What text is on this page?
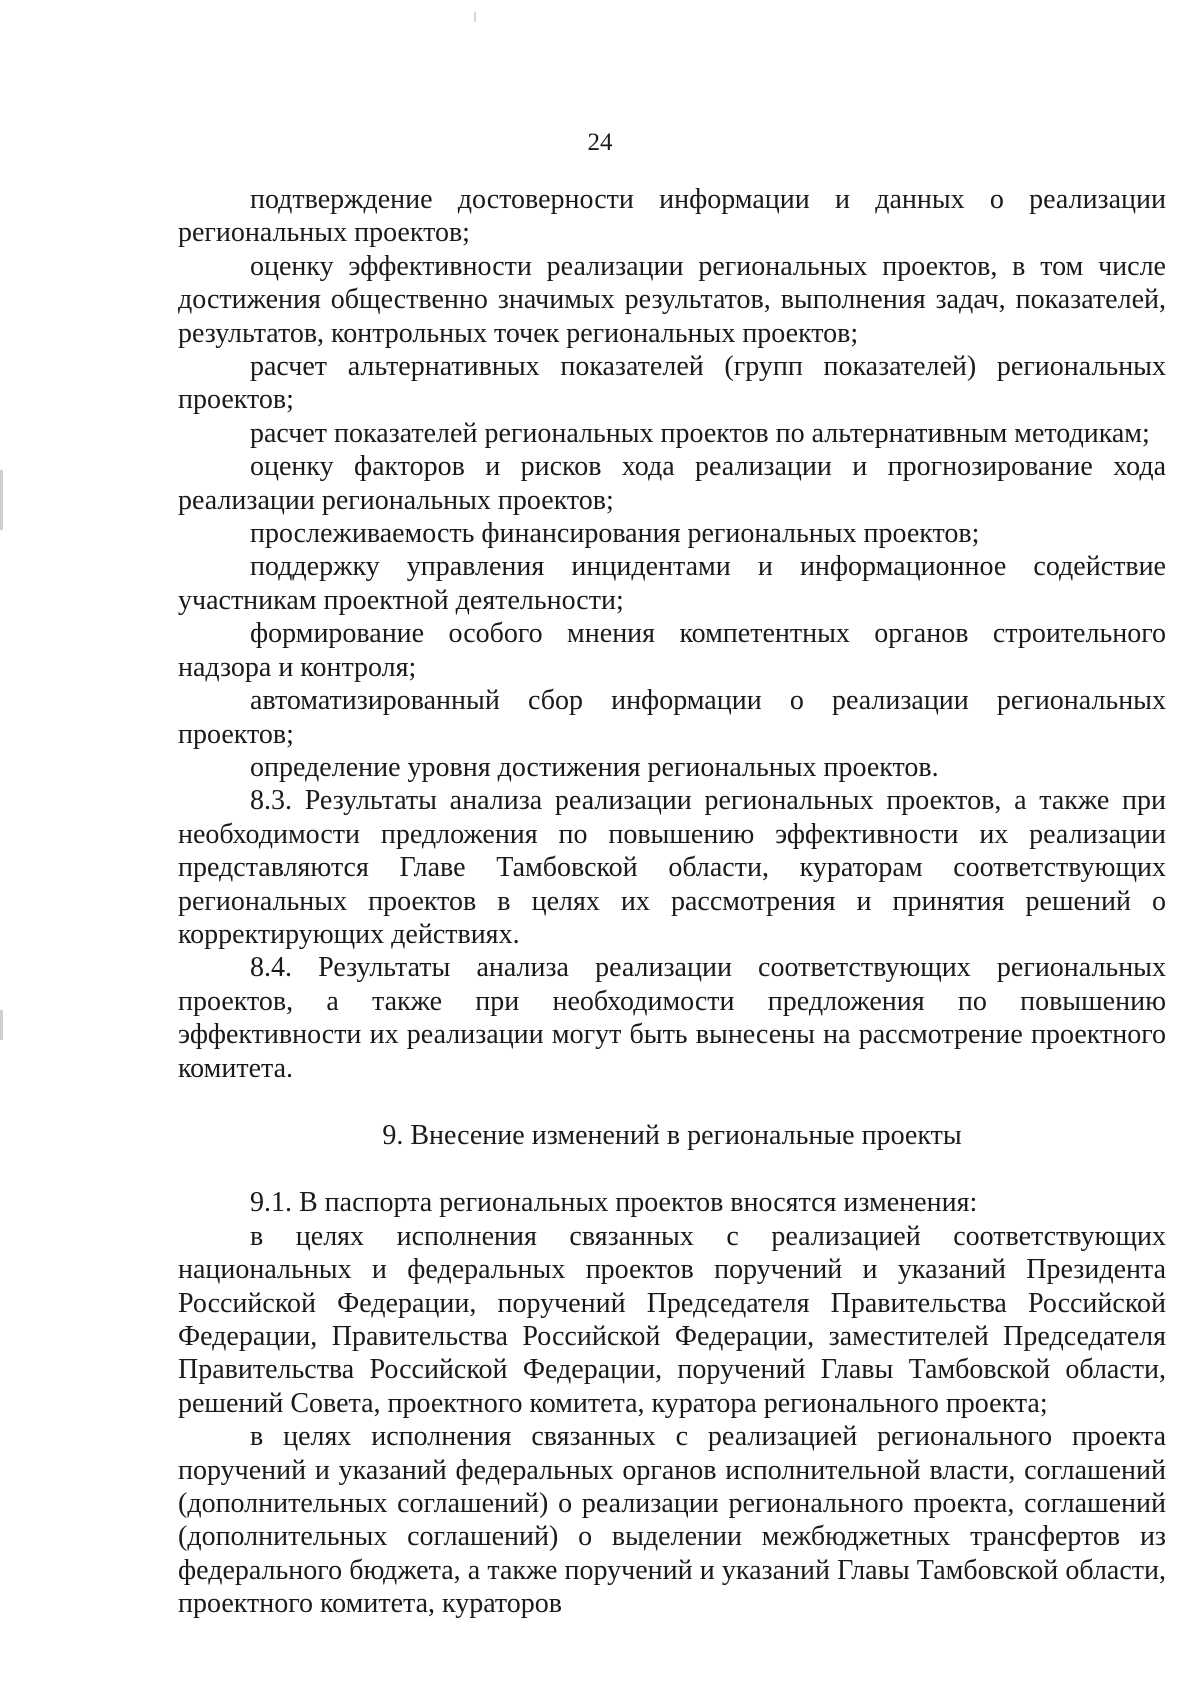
24

подтверждение достоверности информации и данных о реализации региональных проектов;

оценку эффективности реализации региональных проектов, в том числе достижения общественно значимых результатов, выполнения задач, показателей, результатов, контрольных точек региональных проектов;

расчет альтернативных показателей (групп показателей) региональных проектов;

расчет показателей региональных проектов по альтернативным методикам;

оценку факторов и рисков хода реализации и прогнозирование хода реализации региональных проектов;

прослеживаемость финансирования региональных проектов;

поддержку управления инцидентами и информационное содействие участникам проектной деятельности;

формирование особого мнения компетентных органов строительного надзора и контроля;

автоматизированный сбор информации о реализации региональных проектов;

определение уровня достижения региональных проектов.

8.3. Результаты анализа реализации региональных проектов, а также при необходимости предложения по повышению эффективности их реализации представляются Главе Тамбовской области, кураторам соответствующих региональных проектов в целях их рассмотрения и принятия решений о корректирующих действиях.

8.4. Результаты анализа реализации соответствующих региональных проектов, а также при необходимости предложения по повышению эффективности их реализации могут быть вынесены на рассмотрение проектного комитета.

9. Внесение изменений в региональные проекты

9.1. В паспорта региональных проектов вносятся изменения:

в целях исполнения связанных с реализацией соответствующих национальных и федеральных проектов поручений и указаний Президента Российской Федерации, поручений Председателя Правительства Российской Федерации, Правительства Российской Федерации, заместителей Председателя Правительства Российской Федерации, поручений Главы Тамбовской области, решений Совета, проектного комитета, куратора регионального проекта;

в целях исполнения связанных с реализацией регионального проекта поручений и указаний федеральных органов исполнительной власти, соглашений (дополнительных соглашений) о реализации регионального проекта, соглашений (дополнительных соглашений) о выделении межбюджетных трансфертов из федерального бюджета, а также поручений и указаний Главы Тамбовской области, проектного комитета, кураторов
